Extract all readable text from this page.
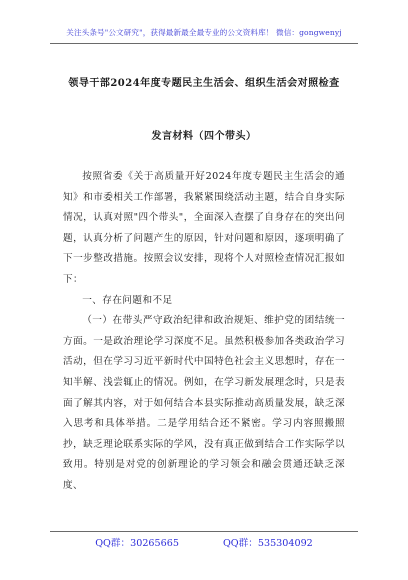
关注头条号"公文研究"，获得最新最全最专业的公文资料库！ 微信：gongwenyj
领导干部2024年度专题民主生活会、组织生活会对照检查
发言材料（四个带头）

按照省委《关于高质量开好2024年度专题民主生活会的通知》和市委相关工作部署，我紧紧围绕活动主题，结合自身实际情况，认真对照"四个带头"，全面深入查摆了自身存在的突出问题，认真分析了问题产生的原因，针对问题和原因，逐项明确了下一步整改措施。按照会议安排，现将个人对照检查情况汇报如下：

一、存在问题和不足

（一）在带头严守政治纪律和政治规矩、维护党的团结统一方面。一是政治理论学习深度不足。虽然积极参加各类政治学习活动，但在学习习近平新时代中国特色社会主义思想时，存在一知半解、浅尝辄止的情况。例如，在学习新发展理念时，只是表面了解其内容，对于如何结合本县实际推动高质量发展，缺乏深入思考和具体举措。二是学用结合还不紧密。学习内容照搬照抄，缺乏理论联系实际的学风，没有真正做到结合工作实际学以致用。特别是对党的创新理论的学习领会和融会贯通还缺乏深度、

QQ群：30265665	QQ群：535304092
